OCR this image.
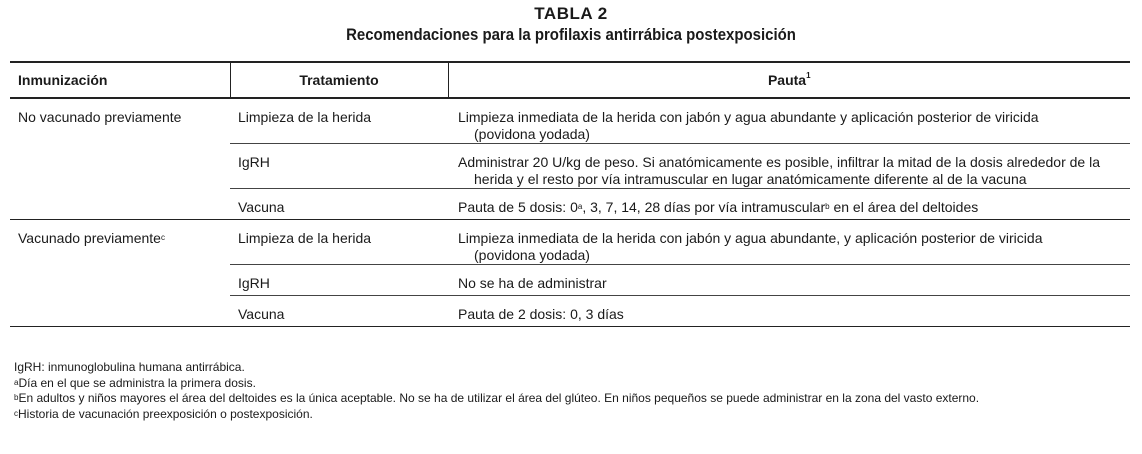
TABLA 2
Recomendaciones para la profilaxis antirrábica postexposición
Inmunización	Tratamiento	Pauta$^1$
No vacunado previamente	Limpieza de la herida	Limpieza inmediata de la herida con jabón y agua abundante y aplicación posterior de viricida
(povidona yodada)
	IgRH	Administrar 20 U/kg de peso. Si anatómicamente es posible, infiltrar la mitad de la dosis alrededor de la
herida y el resto por vía intramuscular en lugar anatómicamente diferente al de la vacuna
	Vacuna	Pauta de 5 dosis: 0$^a$, 3, 7, 14, 28 días por vía intramuscular$^b$ en el área del deltoides
Vacunado previamente$^c$	Limpieza de la herida	Limpieza inmediata de la herida con jabón y agua abundante, y aplicación posterior de viricida
(povidona yodada)
	IgRH	No se ha de administrar
	Vacuna	Pauta de 2 dosis: 0, 3 días
IgRH: inmunoglobulina humana antirrábica.
$^a$Día en el que se administra la primera dosis.
$^b$En adultos y niños mayores el área del deltoides es la única aceptable. No se ha de utilizar el área del glúteo. En niños pequeños se puede administrar en la zona del vasto externo.
$^c$Historia de vacunación preexposición o postexposición.
